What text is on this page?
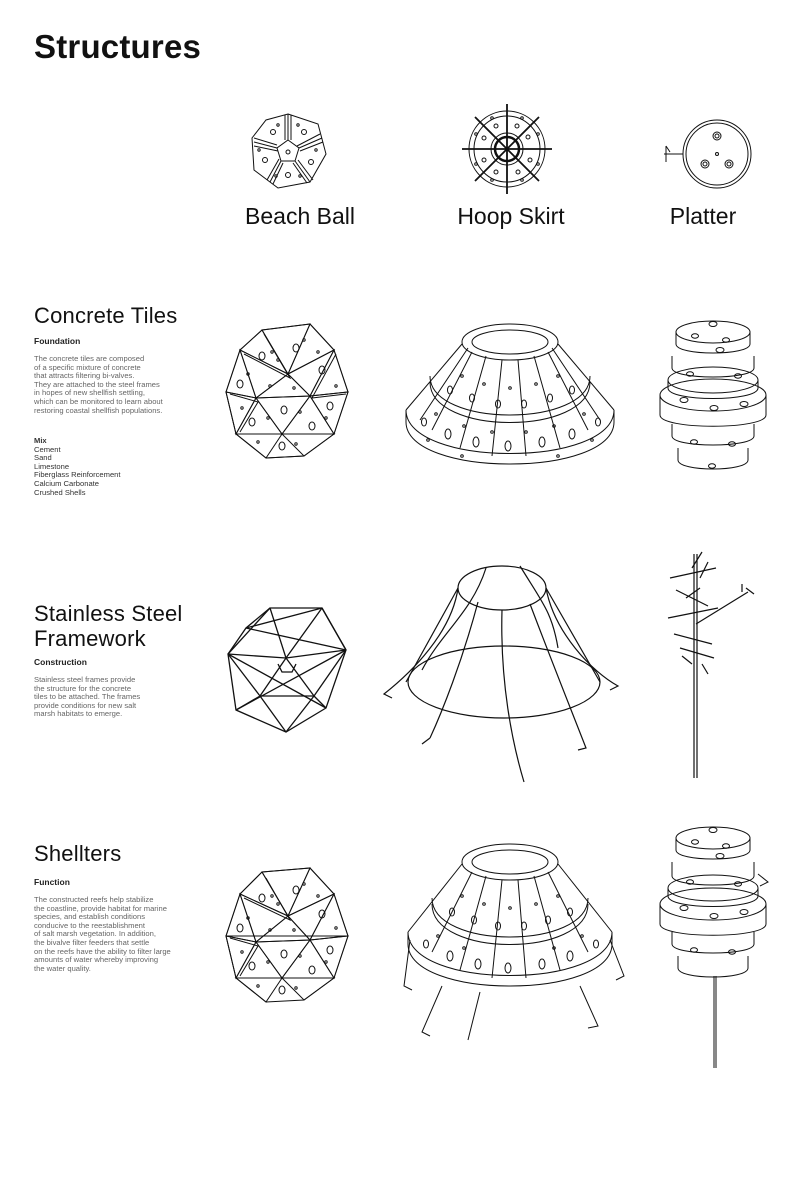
Structures
Beach Ball	Hoop Skirt	Platter
Concrete Tiles
Foundation
The concrete tiles are composed
of a specific mixture of concrete
that attracts filtering bi-valves.
They are attached to the steel frames
in hopes of new shellfish settling,
which can be monitored to learn about
restoring coastal shellfish populations.
Mix
Cement
Sand
Limestone
Fiberglass Reinforcement
Calcium Carbonate
Crushed Shells
Stainless Steel
Framework
Construction
Stainless steel frames provide
the structure for the concrete
tiles to be attached. The frames
provide conditions for new salt
marsh habitats to emerge.
Shellters
Function
The constructed reefs help stabilize
the coastline, provide habitat for marine
species, and establish conditions
conducive to the reestablishment
of salt marsh vegetation. In addition,
the bivalve filter feeders that settle
on the reefs have the ability to filter large
amounts of water whereby improving
the water quality.
